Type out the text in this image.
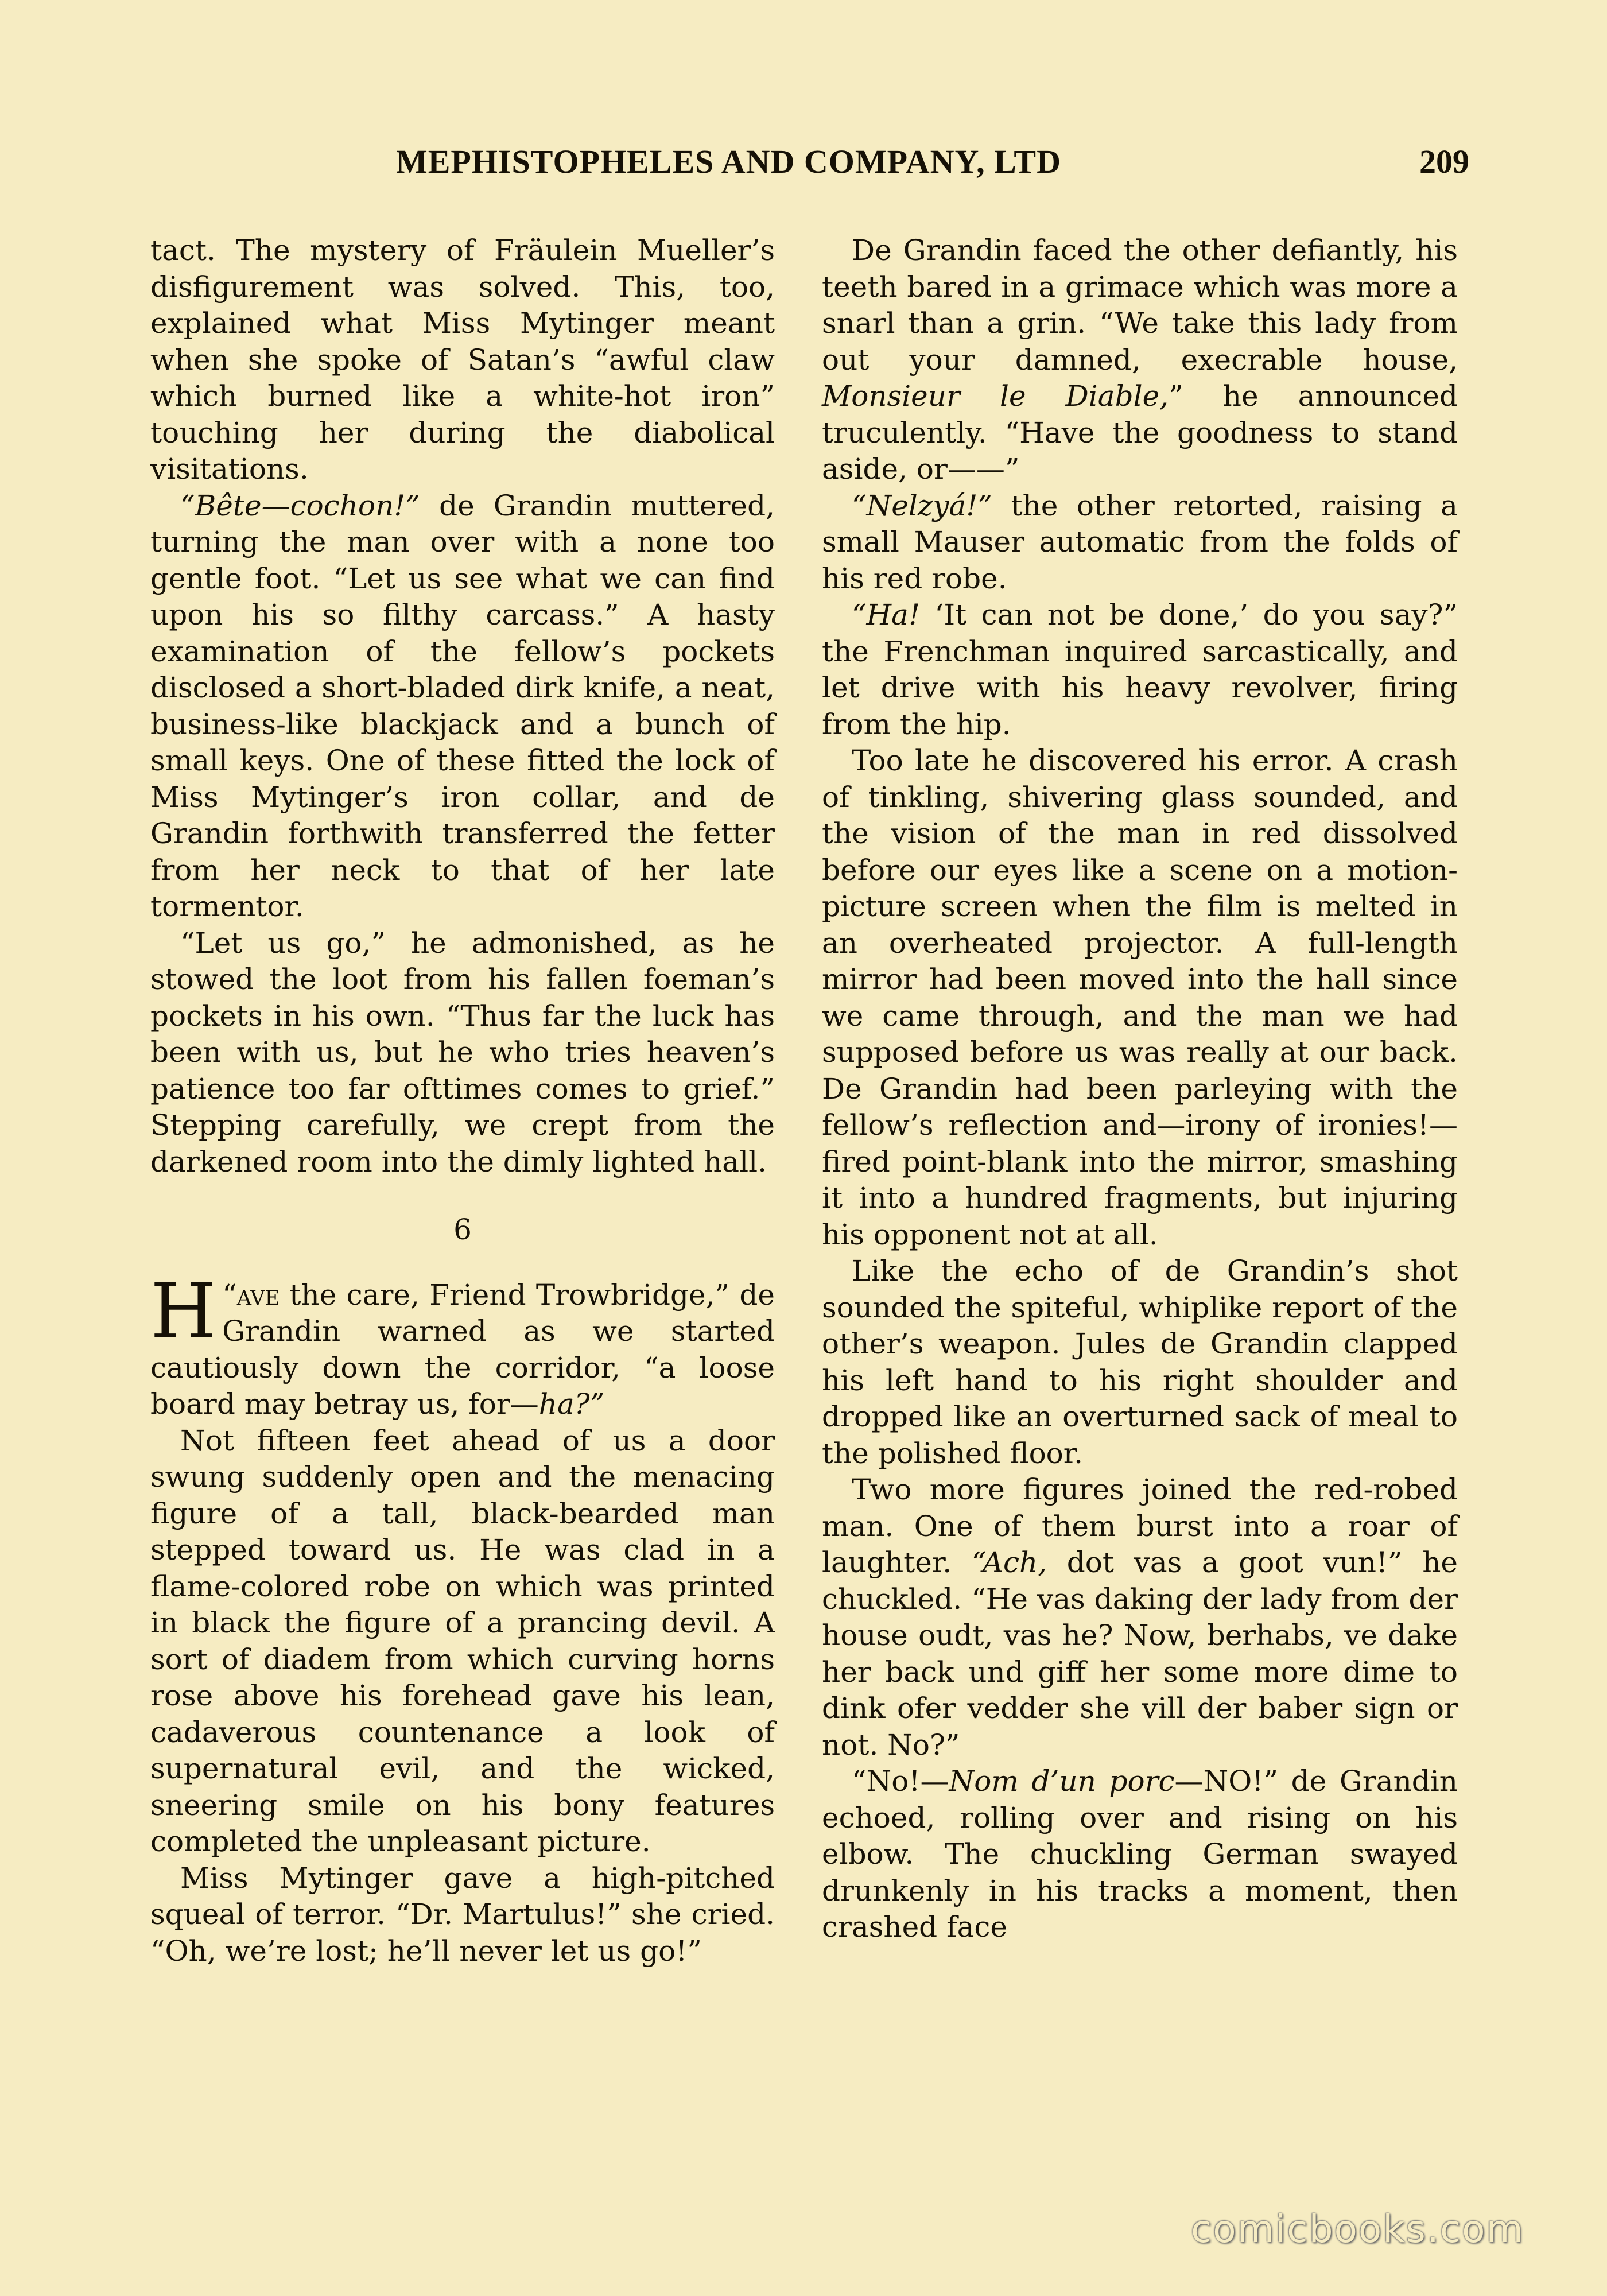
MEPHISTOPHELES AND COMPANY, LTD	209

tact. The mystery of Fräulein Mueller’s disfigurement was solved. This, too, explained what Miss Mytinger meant when she spoke of Satan’s “awful claw which burned like a white-hot iron” touching her during the diabolical visitations.

“Bête—cochon!” de Grandin muttered, turning the man over with a none too gentle foot. “Let us see what we can find upon his so filthy carcass.” A hasty examination of the fellow’s pockets disclosed a short-bladed dirk knife, a neat, business-like blackjack and a bunch of small keys. One of these fitted the lock of Miss Mytinger’s iron collar, and de Grandin forthwith transferred the fetter from her neck to that of her late tormentor.

“Let us go,” he admonished, as he stowed the loot from his fallen foeman’s pockets in his own. “Thus far the luck has been with us, but he who tries heaven’s patience too far ofttimes comes to grief.” Stepping carefully, we crept from the darkened room into the dimly lighted hall.

6

“
H ave the care, Friend Trowbridge,” de Grandin warned as we started cautiously down the corridor, “a loose board may betray us, for—ha?”

Not fifteen feet ahead of us a door swung suddenly open and the menacing figure of a tall, black-bearded man stepped toward us. He was clad in a flame-colored robe on which was printed in black the figure of a prancing devil. A sort of diadem from which curving horns rose above his forehead gave his lean, cadaverous countenance a look of supernatural evil, and the wicked, sneering smile on his bony features completed the unpleasant picture.

Miss Mytinger gave a high-pitched squeal of terror. “Dr. Martulus!” she cried. “Oh, we’re lost; he’ll never let us go!”

De Grandin faced the other defiantly, his teeth bared in a grimace which was more a snarl than a grin. “We take this lady from out your damned, execrable house, Monsieur le Diable,” he announced truculently. “Have the goodness to stand aside, or——”

“Nelzyá!” the other retorted, raising a small Mauser automatic from the folds of his red robe.

“Ha! ‘It can not be done,’ do you say?” the Frenchman inquired sarcastically, and let drive with his heavy revolver, firing from the hip.

Too late he discovered his error. A crash of tinkling, shivering glass sounded, and the vision of the man in red dissolved before our eyes like a scene on a motion-picture screen when the film is melted in an overheated projector. A full-length mirror had been moved into the hall since we came through, and the man we had supposed before us was really at our back. De Grandin had been parleying with the fellow’s reflection and—irony of ironies!—fired point-blank into the mirror, smashing it into a hundred fragments, but injuring his opponent not at all.

Like the echo of de Grandin’s shot sounded the spiteful, whiplike report of the other’s weapon. Jules de Grandin clapped his left hand to his right shoulder and dropped like an overturned sack of meal to the polished floor.

Two more figures joined the red-robed man. One of them burst into a roar of laughter. “Ach, dot vas a goot vun!” he chuckled. “He vas daking der lady from der house oudt, vas he? Now, berhabs, ve dake her back und giff her some more dime to dink ofer vedder she vill der baber sign or not. No?”

“No!—Nom d’un porc—NO!” de Grandin echoed, rolling over and rising on his elbow. The chuckling German swayed drunkenly in his tracks a moment, then crashed face

comicbooks.com
